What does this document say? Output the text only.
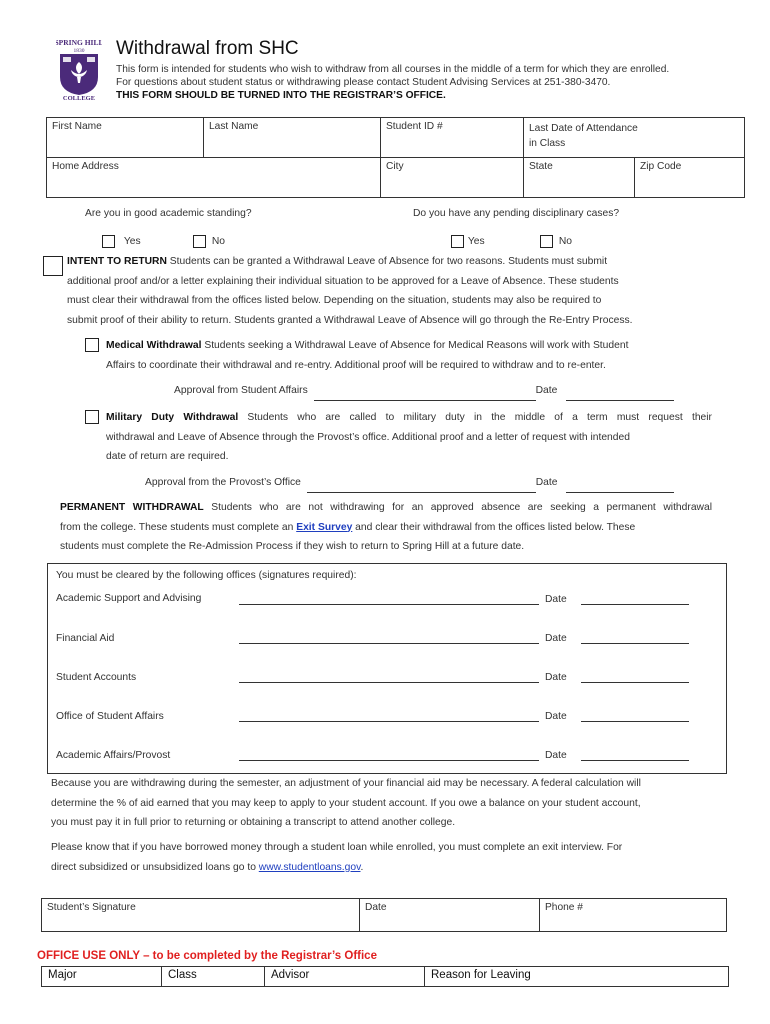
SPRING HILL
1830
COLLEGE
Withdrawal from SHC
This form is intended for students who wish to withdraw from all courses in the middle of a term for which they are enrolled.
For questions about student status or withdrawing please contact Student Advising Services at 251-380-3470.
THIS FORM SHOULD BE TURNED INTO THE REGISTRAR’S OFFICE.
First Name	Last Name	Student ID #	Last Date of Attendance
in Class	

Home Address		City	State	Zip Code
Are you in good academic standing?	Do you have any pending disciplinary cases?
Yes	No	Yes	No
INTENT TO RETURN Students can be granted a Withdrawal Leave of Absence for two reasons. Students must submit
additional proof and/or a letter explaining their individual situation to be approved for a Leave of Absence. These students
must clear their withdrawal from the offices listed below. Depending on the situation, students may also be required to
submit proof of their ability to return. Students granted a Withdrawal Leave of Absence will go through the Re-Entry Process.
Medical Withdrawal Students seeking a Withdrawal Leave of Absence for Medical Reasons will work with Student
Affairs to coordinate their withdrawal and re-entry. Additional proof will be required to withdraw and to re-enter.
Approval from Student Affairs	Date
Military Duty Withdrawal Students who are called to military duty in the middle of a term must request their
withdrawal and Leave of Absence through the Provost’s office. Additional proof and a letter of request with intended
date of return are required.
Approval from the Provost’s Office	Date
PERMANENT WITHDRAWAL Students who are not withdrawing for an approved absence are seeking a permanent withdrawal
from the college. These students must complete an Exit Survey and clear their withdrawal from the offices listed below. These
students must complete the Re-Admission Process if they wish to return to Spring Hill at a future date.
You must be cleared by the following offices (signatures required):
Academic Support and Advising	Date
Financial Aid	Date
Student Accounts	Date
Office of Student Affairs	Date
Academic Affairs/Provost	Date
Because you are withdrawing during the semester, an adjustment of your financial aid may be necessary. A federal calculation will
determine the % of aid earned that you may keep to apply to your student account. If you owe a balance on your student account,
you must pay it in full prior to returning or obtaining a transcript to attend another college.
Please know that if you have borrowed money through a student loan while enrolled, you must complete an exit interview. For
direct subsidized or unsubsidized loans go to www.studentloans.gov.
Student’s Signature	Date	Phone #
OFFICE USE ONLY – to be completed by the Registrar’s Office
Major	Class	Advisor	Reason for Leaving
